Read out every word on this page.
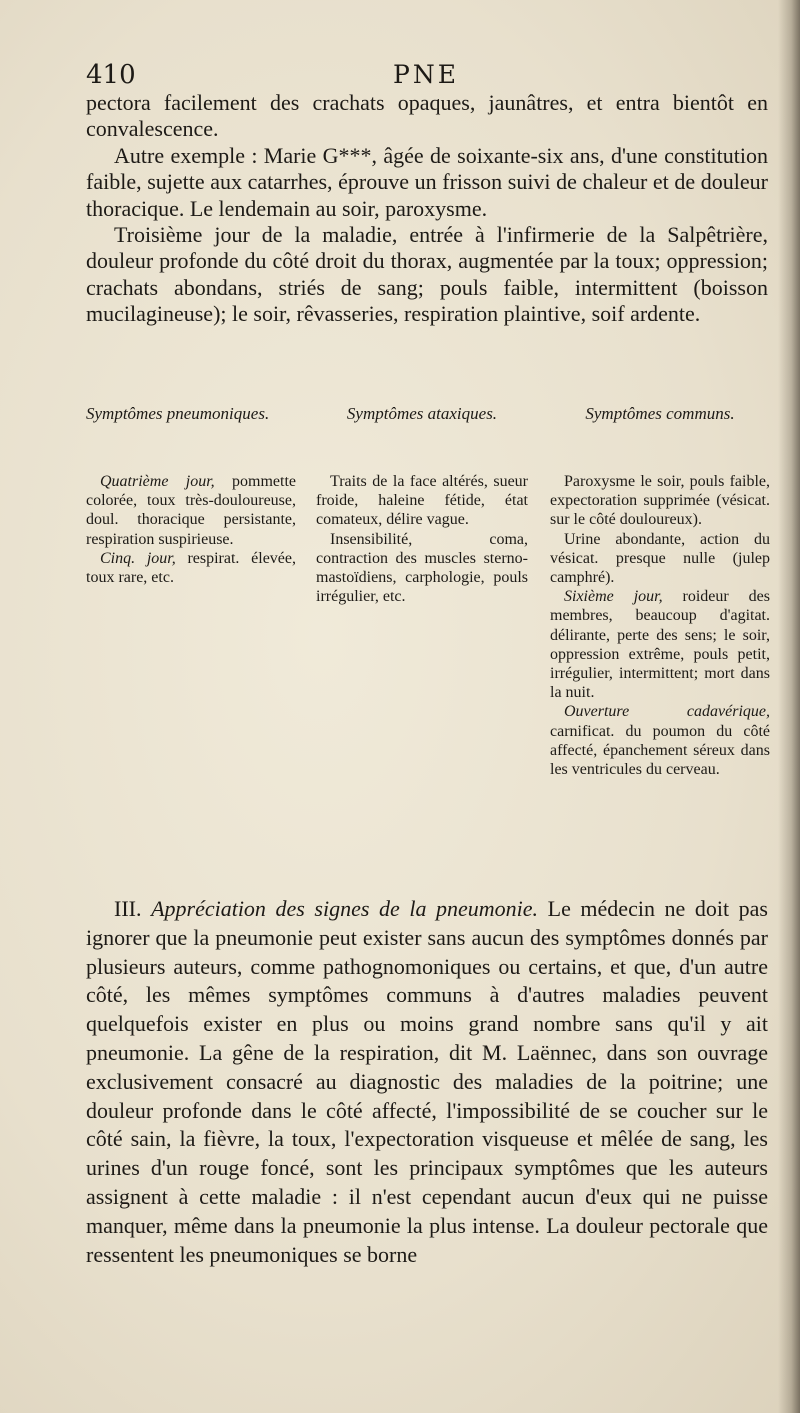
410	PNE

pectora facilement des crachats opaques, jaunâtres, et entra bientôt en convalescence.

Autre exemple : Marie G***, âgée de soixante-six ans, d'une constitution faible, sujette aux catarrhes, éprouve un frisson suivi de chaleur et de douleur thoracique. Le lendemain au soir, paroxysme.

Troisième jour de la maladie, entrée à l'infirmerie de la Salpêtrière, douleur profonde du côté droit du thorax, augmentée par la toux; oppression; crachats abondans, striés de sang; pouls faible, intermittent (boisson mucilagineuse); le soir, rêvasseries, respiration plaintive, soif ardente.

Symptômes pneumoniques.

Quatrième jour, pommette colorée, toux très-douloureuse, doul. thoracique persistante, respiration suspirieuse.

Cinq. jour, respirat. élevée, toux rare, etc.

Symptômes ataxiques.

Traits de la face altérés, sueur froide, haleine fétide, état comateux, délire vague.

Insensibilité, coma, contraction des muscles sterno-mastoïdiens, carphologie, pouls irrégulier, etc.

Symptômes communs.

Paroxysme le soir, pouls faible, expectoration supprimée (vésicat. sur le côté douloureux).

Urine abondante, action du vésicat. presque nulle (julep camphré).

Sixième jour, roideur des membres, beaucoup d'agitat. délirante, perte des sens; le soir, oppression extrême, pouls petit, irrégulier, intermittent; mort dans la nuit.

Ouverture cadavérique, carnificat. du poumon du côté affecté, épanchement séreux dans les ventricules du cerveau.

III. Appréciation des signes de la pneumonie. Le médecin ne doit pas ignorer que la pneumonie peut exister sans aucun des symptômes donnés par plusieurs auteurs, comme pathognomoniques ou certains, et que, d'un autre côté, les mêmes symptômes communs à d'autres maladies peuvent quelquefois exister en plus ou moins grand nombre sans qu'il y ait pneumonie. La gêne de la respiration, dit M. Laënnec, dans son ouvrage exclusivement consacré au diagnostic des maladies de la poitrine; une douleur profonde dans le côté affecté, l'impossibilité de se coucher sur le côté sain, la fièvre, la toux, l'expectoration visqueuse et mêlée de sang, les urines d'un rouge foncé, sont les principaux symptômes que les auteurs assignent à cette maladie : il n'est cependant aucun d'eux qui ne puisse manquer, même dans la pneumonie la plus intense. La douleur pectorale que ressentent les pneumoniques se borne
